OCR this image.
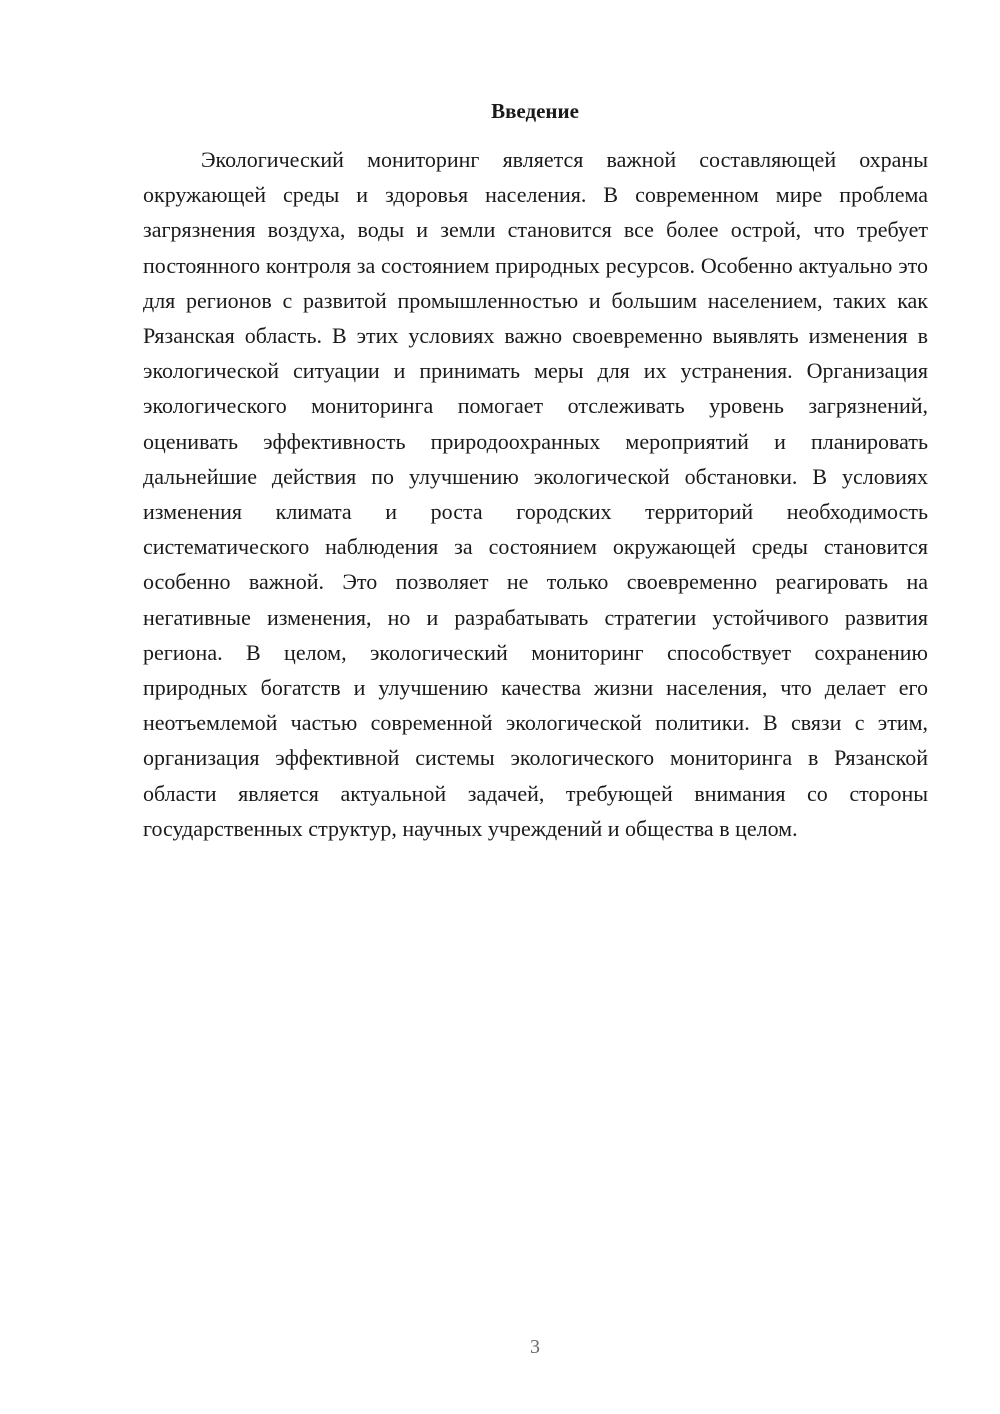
Введение

Экологический мониторинг является важной составляющей охраны окружающей среды и здоровья населения. В современном мире проблема загрязнения воздуха, воды и земли становится все более острой, что требует постоянного контроля за состоянием природных ресурсов. Особенно актуально это для регионов с развитой промышленностью и большим населением, таких как Рязанская область. В этих условиях важно своевременно выявлять изменения в экологической ситуации и принимать меры для их устранения. Организация экологического мониторинга помогает отслеживать уровень загрязнений, оценивать эффективность природоохранных мероприятий и планировать дальнейшие действия по улучшению экологической обстановки. В условиях изменения климата и роста городских территорий необходимость систематического наблюдения за состоянием окружающей среды становится особенно важной. Это позволяет не только своевременно реагировать на негативные изменения, но и разрабатывать стратегии устойчивого развития региона. В целом, экологический мониторинг способствует сохранению природных богатств и улучшению качества жизни населения, что делает его неотъемлемой частью современной экологической политики. В связи с этим, организация эффективной системы экологического мониторинга в Рязанской области является актуальной задачей, требующей внимания со стороны государственных структур, научных учреждений и общества в целом.

3
